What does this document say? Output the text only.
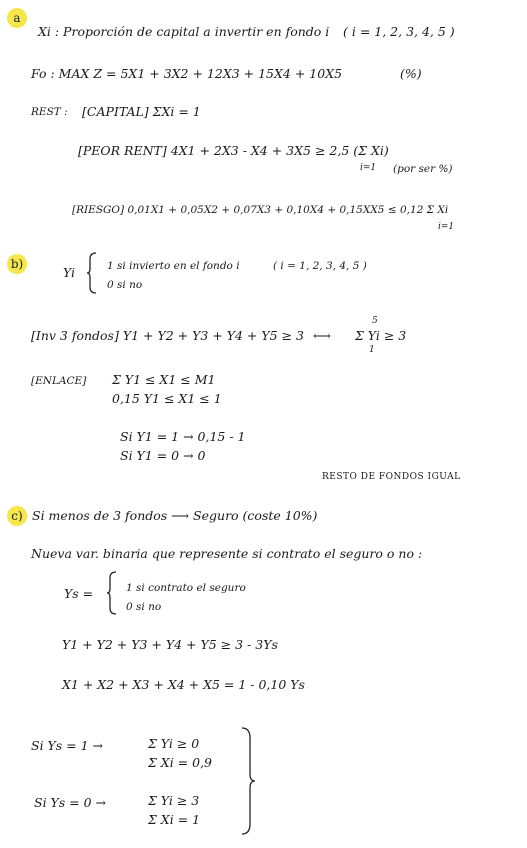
a
Xi : Proporción de capital a invertir en fondo i ( i = 1, 2, 3, 4, 5 )
Fo : MAX Z = 5X1 + 3X2 + 12X3 + 15X4 + 10X5	(%)
REST : [CAPITAL] ΣXi = 1
[PEOR RENT] 4X1 + 2X3 - X4 + 3X5 ≥ 2,5 (Σ Xi)
i=1 (por ser %)
[RIESGO] 0,01X1 + 0,05X2 + 0,07X3 + 0,10X4 + 0,15XX5 ≤ 0,12 Σ Xi
i=1
b)
Yi	1 si invierto en el fondo i	( i = 1, 2, 3, 4, 5 )
0 si no
[Inv 3 fondos] Y1 + Y2 + Y3 + Y4 + Y5 ≥ 3 ⟷ Σ Yi ≥ 3
5
1
[ENLACE] Σ Y1 ≤ X1 ≤ M1
0,15 Y1 ≤ X1 ≤ 1
Si Y1 = 1 → 0,15 - 1
Si Y1 = 0 → 0
RESTO DE FONDOS IGUAL
c) Si menos de 3 fondos ⟶ Seguro (coste 10%)
Nueva var. binaria que represente si contrato el seguro o no :
Ys =	1 si contrato el seguro
0 si no
Y1 + Y2 + Y3 + Y4 + Y5 ≥ 3 - 3Ys
X1 + X2 + X3 + X4 + X5 = 1 - 0,10 Ys
Si Ys = 1 →	Σ Yi ≥ 0
Σ Xi = 0,9
Si Ys = 0 →	Σ Yi ≥ 3
Σ Xi = 1
